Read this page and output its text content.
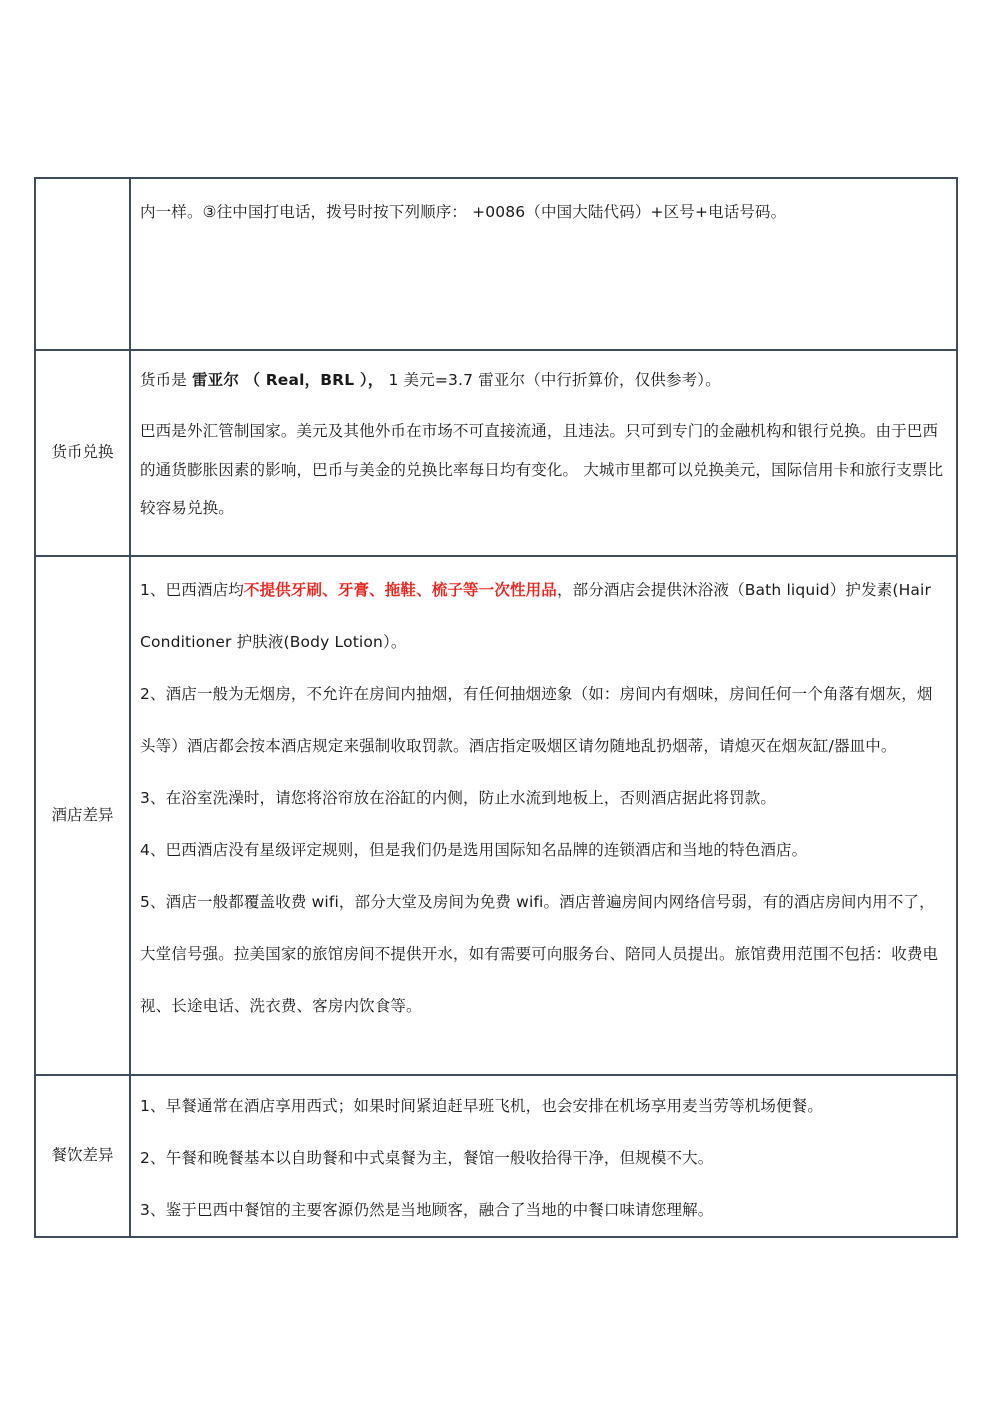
	内一样。③往中国打电话，拨号时按下列顺序： +0086（中国大陆代码）+区号+电话号码。

货币兑换	货币是 雷亚尔 （ Real，BRL ）， 1 美元=3.7 雷亚尔（中行折算价，仅供参考）。

巴西是外汇管制国家。美元及其他外币在市场不可直接流通，且违法。只可到专门的金融机构和银行兑换。由于巴西的通货膨胀因素的影响，巴币与美金的兑换比率每日均有变化。 大城市里都可以兑换美元，国际信用卡和旅行支票比较容易兑换。

酒店差异	1、巴西酒店均不提供牙刷、牙膏、拖鞋、梳子等一次性用品，部分酒店会提供沐浴液（Bath liquid）护发素(Hair Conditioner 护肤液(Body Lotion）。

2、酒店一般为无烟房，不允许在房间内抽烟，有任何抽烟迹象（如：房间内有烟味，房间任何一个角落有烟灰，烟头等）酒店都会按本酒店规定来强制收取罚款。酒店指定吸烟区请勿随地乱扔烟蒂，请熄灭在烟灰缸/器皿中。

3、在浴室洗澡时，请您将浴帘放在浴缸的内侧，防止水流到地板上，否则酒店据此将罚款。

4、巴西酒店没有星级评定规则，但是我们仍是选用国际知名品牌的连锁酒店和当地的特色酒店。

5、酒店一般都覆盖收费 wifi，部分大堂及房间为免费 wifi。酒店普遍房间内网络信号弱，有的酒店房间内用不了，大堂信号强。拉美国家的旅馆房间不提供开水，如有需要可向服务台、陪同人员提出。旅馆费用范围不包括：收费电视、长途电话、洗衣费、客房内饮食等。

餐饮差异	1、早餐通常在酒店享用西式；如果时间紧迫赶早班飞机，也会安排在机场享用麦当劳等机场便餐。

2、午餐和晚餐基本以自助餐和中式桌餐为主，餐馆一般收拾得干净，但规模不大。

3、鉴于巴西中餐馆的主要客源仍然是当地顾客，融合了当地的中餐口味请您理解。
